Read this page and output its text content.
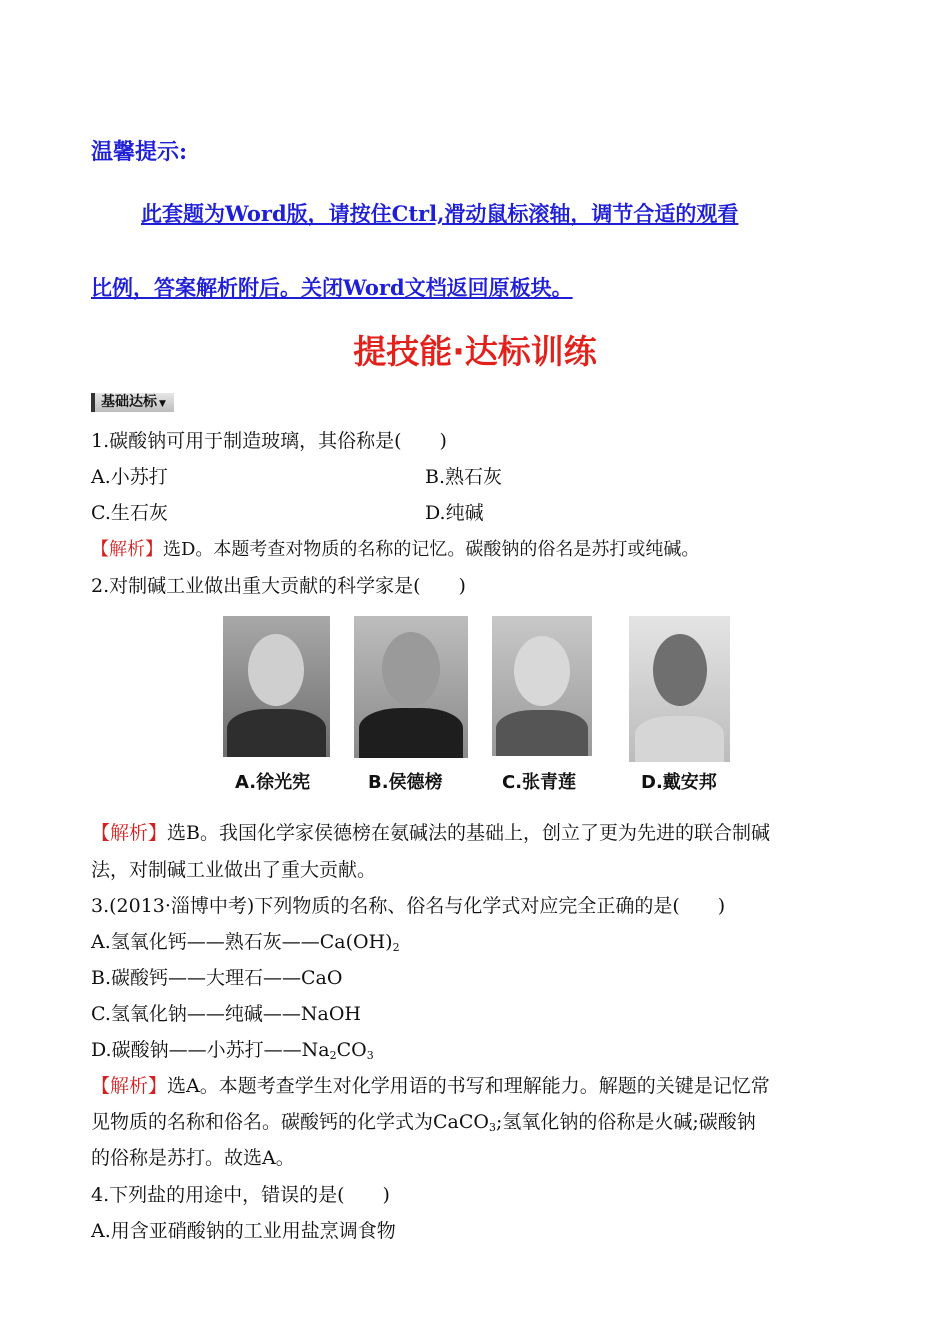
温馨提示:
此套题为Word版，请按住Ctrl,滑动鼠标滚轴，调节合适的观看
比例，答案解析附后。关闭Word文档返回原板块。
提技能·达标训练
基础达标 ▼
1.碳酸钠可用于制造玻璃，其俗称是(　　)
A.小苏打	B.熟石灰
C.生石灰	D.纯碱
【解析】选D。本题考查对物质的名称的记忆。碳酸钠的俗名是苏打或纯碱。
2.对制碱工业做出重大贡献的科学家是(　　)
A.徐光宪	B.侯德榜	C.张青莲	D.戴安邦
【解析】选B。我国化学家侯德榜在氨碱法的基础上，创立了更为先进的联合制碱
法，对制碱工业做出了重大贡献。
3.(2013·淄博中考)下列物质的名称、俗名与化学式对应完全正确的是(　　)
A.氢氧化钙——熟石灰$——Ca(OH)_2$
B.碳酸钙——大理石——CaO
C.氢氧化钠——纯碱——NaOH
D.碳酸钠——小苏打$——Na_2CO_3$
【解析】选A。本题考查学生对化学用语的书写和理解能力。解题的关键是记忆常
见物质的名称和俗名。碳酸钙的化学式为CaCO$_3$;氢氧化钠的俗称是火碱;碳酸钠
的俗称是苏打。故选A。
4.下列盐的用途中，错误的是(　　)
A.用含亚硝酸钠的工业用盐烹调食物
